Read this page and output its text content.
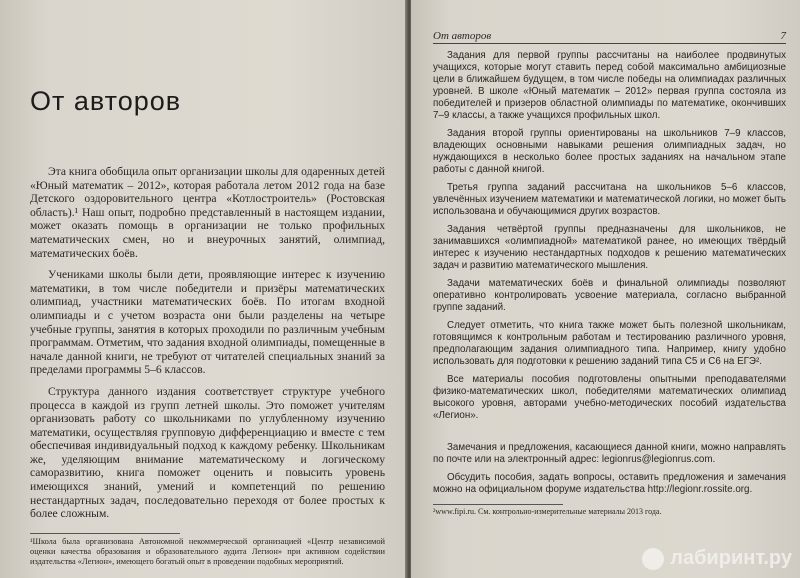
От авторов

Эта книга обобщила опыт организации школы для одаренных детей «Юный математик – 2012», которая работала летом 2012 года на базе Детского оздоровительного центра «Котлостроитель» (Ростовская область).¹ Наш опыт, подробно представленный в настоящем издании, может оказать помощь в организации не только профильных математических смен, но и внеурочных занятий, олимпиад, математических боёв.

Учениками школы были дети, проявляющие интерес к изучению математики, в том числе победители и призёры математических олимпиад, участники математических боёв. По итогам входной олимпиады и с учетом возраста они были разделены на четыре учебные группы, занятия в которых проходили по различным учебным программам. Отметим, что задания входной олимпиады, помещенные в начале данной книги, не требуют от читателей специальных знаний за пределами программы 5–6 классов.

Структура данного издания соответствует структуре учебного процесса в каждой из групп летней школы. Это поможет учителям организовать работу со школьниками по углубленному изучению математики, осуществляя групповую дифференциацию и вместе с тем обеспечивая индивидуальный подход к каждому ребенку. Школьникам же, уделяющим внимание математическому и логическому саморазвитию, книга поможет оценить и повысить уровень имеющихся знаний, умений и компетенций по решению нестандартных задач, последовательно переходя от более простых к более сложным.

¹Школа была организована Автономной некоммерческой организацией «Центр независимой оценки качества образования и образовательного аудита Легион» при активном содействии издательства «Легион», имеющего богатый опыт в проведении подобных мероприятий.

От авторов	7

Задания для первой группы рассчитаны на наиболее продвинутых учащихся, которые могут ставить перед собой максимально амбициозные цели в ближайшем будущем, в том числе победы на олимпиадах различных уровней. В школе «Юный математик – 2012» первая группа состояла из победителей и призеров областной олимпиады по математике, окончивших 7–9 классы, а также учащихся профильных школ.

Задания второй группы ориентированы на школьников 7–9 классов, владеющих основными навыками решения олимпиадных задач, но нуждающихся в несколько более простых заданиях на начальном этапе работы с данной книгой.

Третья группа заданий рассчитана на школьников 5–6 классов, увлечённых изучением математики и математической логики, но может быть использована и обучающимися других возрастов.

Задания четвёртой группы предназначены для школьников, не занимавшихся «олимпиадной» математикой ранее, но имеющих твёрдый интерес к изучению нестандартных подходов к решению математических задач и развитию математического мышления.

Задачи математических боёв и финальной олимпиады позволяют оперативно контролировать усвоение материала, согласно выбранной группе заданий.

Следует отметить, что книга также может быть полезной школьникам, готовящимся к контрольным работам и тестированию различного уровня, предполагающим задания олимпиадного типа. Например, книгу удобно использовать для подготовки к решению заданий типа С5 и С6 на ЕГЭ².

Все материалы пособия подготовлены опытными преподавателями физико-математических школ, победителями математических олимпиад высокого уровня, авторами учебно-методических пособий издательства «Легион».

Замечания и предложения, касающиеся данной книги, можно направлять по почте или на электронный адрес: legionrus@legionrus.com.

Обсудить пособия, задать вопросы, оставить предложения и замечания можно на официальном форуме издательства http://legionr.rossite.org.

²www.fipi.ru. См. контрольно-измерительные материалы 2013 года.

лабиринт.ру
